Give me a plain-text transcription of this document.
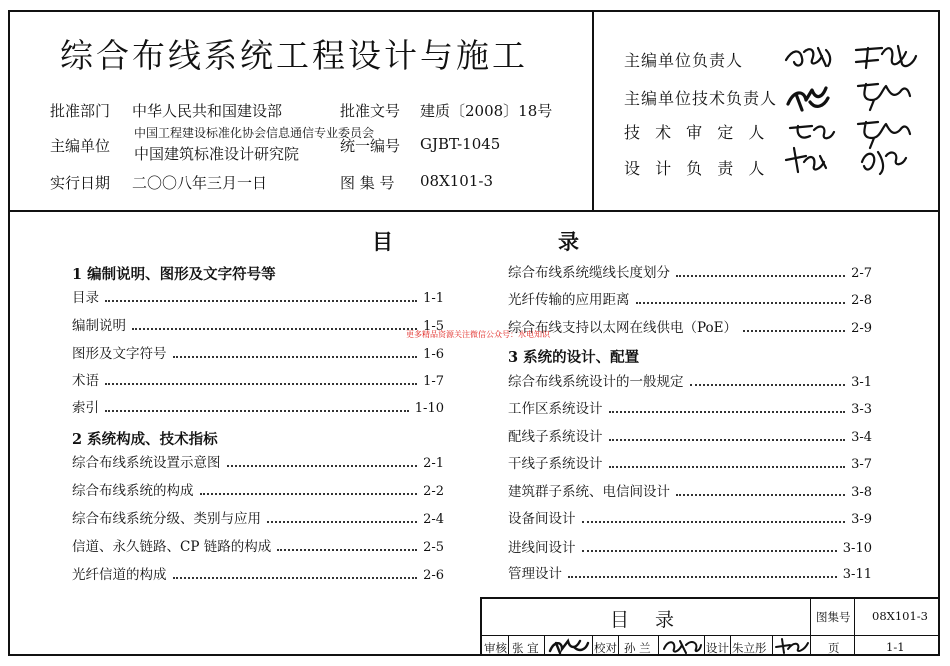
综合布线系统工程设计与施工
批准部门 中华人民共和国建设部
主编单位
中国工程建设标准化协会信息通信专业委员会
中国建筑标准设计研究院
实行日期 二〇〇八年三月一日
批准文号 建质〔2008〕18号
统一编号 GJBT-1045
图 集 号 08X101-3
主编单位负责人
主编单位技术负责人
技 术 审 定 人
设 计 负 责 人
目	录
1 编制说明、图形及文字符号等
目录	1-1
编制说明	1-5
图形及文字符号	1-6
术语	1-7
索引	1-10
2 系统构成、技术指标
综合布线系统设置示意图	2-1
综合布线系统的构成	2-2
综合布线系统分级、类别与应用	2-4
信道、永久链路、CP 链路的构成	2-5
光纤信道的构成	2-6
综合布线系统缆线长度划分	2-7
光纤传输的应用距离	2-8
综合布线支持以太网在线供电（PoE）	2-9
3 系统的设计、配置
综合布线系统设计的一般规定	3-1
工作区系统设计	3-3
配线子系统设计	3-4
干线子系统设计	3-7
建筑群子系统、电信间设计	3-8
设备间设计	3-9
进线间设计	3-10
管理设计	3-11
更多精品资源关注微信公众号：水电知识
目 录	图集号 08X101-3
审核 张 宜	校对 孙 兰	设计 朱立彤	页	1-1
